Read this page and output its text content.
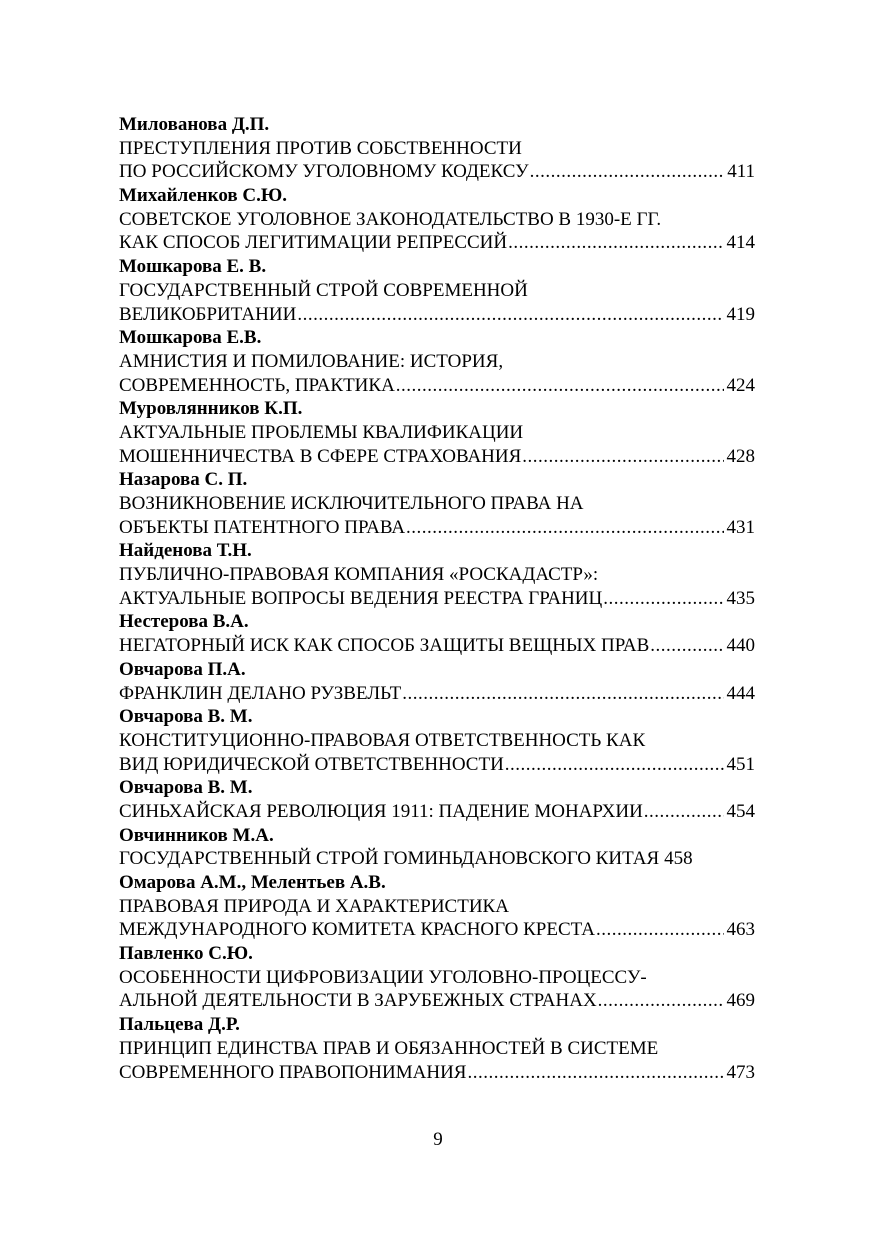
Милованова Д.П.
ПРЕСТУПЛЕНИЯ ПРОТИВ СОБСТВЕННОСТИ
ПО РОССИЙСКОМУ УГОЛОВНОМУ КОДЕКСУ .....	411
Михайленков С.Ю.
СОВЕТСКОЕ УГОЛОВНОЕ ЗАКОНОДАТЕЛЬСТВО В 1930-Е ГГ.
КАК СПОСОБ ЛЕГИТИМАЦИИ РЕПРЕССИЙ .....	414
Мошкарова Е. В.
ГОСУДАРСТВЕННЫЙ СТРОЙ СОВРЕМЕННОЙ
ВЕЛИКОБРИТАНИИ .....	419
Мошкарова Е.В.
АМНИСТИЯ И ПОМИЛОВАНИЕ: ИСТОРИЯ,
СОВРЕМЕННОСТЬ, ПРАКТИКА .....	424
Муровлянников К.П.
АКТУАЛЬНЫЕ ПРОБЛЕМЫ КВАЛИФИКАЦИИ
МОШЕННИЧЕСТВА В СФЕРЕ СТРАХОВАНИЯ .....	428
Назарова С. П.
ВОЗНИКНОВЕНИЕ ИСКЛЮЧИТЕЛЬНОГО ПРАВА НА
ОБЪЕКТЫ ПАТЕНТНОГО ПРАВА .....	431
Найденова Т.Н.
ПУБЛИЧНО-ПРАВОВАЯ КОМПАНИЯ «РОСКАДАСТР»:
АКТУАЛЬНЫЕ ВОПРОСЫ ВЕДЕНИЯ РЕЕСТРА ГРАНИЦ .....	435
Нестерова В.А.
НЕГАТОРНЫЙ ИСК КАК СПОСОБ ЗАЩИТЫ ВЕЩНЫХ ПРАВ .....	440
Овчарова П.А.
ФРАНКЛИН ДЕЛАНО РУЗВЕЛЬТ .....	444
Овчарова В. М.
КОНСТИТУЦИОННО-ПРАВОВАЯ ОТВЕТСТВЕННОСТЬ КАК
ВИД ЮРИДИЧЕСКОЙ ОТВЕТСТВЕННОСТИ .....	451
Овчарова В. М.
СИНЬХАЙСКАЯ РЕВОЛЮЦИЯ 1911: ПАДЕНИЕ МОНАРХИИ .....	454
Овчинников М.А.
ГОСУДАРСТВЕННЫЙ СТРОЙ ГОМИНЬДАНОВСКОГО КИТАЯ 458
Омарова А.М., Мелентьев А.В.
ПРАВОВАЯ ПРИРОДА И ХАРАКТЕРИСТИКА
МЕЖДУНАРОДНОГО КОМИТЕТА КРАСНОГО КРЕСТА .....	463
Павленко С.Ю.
ОСОБЕННОСТИ ЦИФРОВИЗАЦИИ УГОЛОВНО-ПРОЦЕССУ-
АЛЬНОЙ ДЕЯТЕЛЬНОСТИ В ЗАРУБЕЖНЫХ СТРАНАХ .....	469
Пальцева Д.Р.
ПРИНЦИП ЕДИНСТВА ПРАВ И ОБЯЗАННОСТЕЙ В СИСТЕМЕ
СОВРЕМЕННОГО ПРАВОПОНИМАНИЯ .....	473
9
